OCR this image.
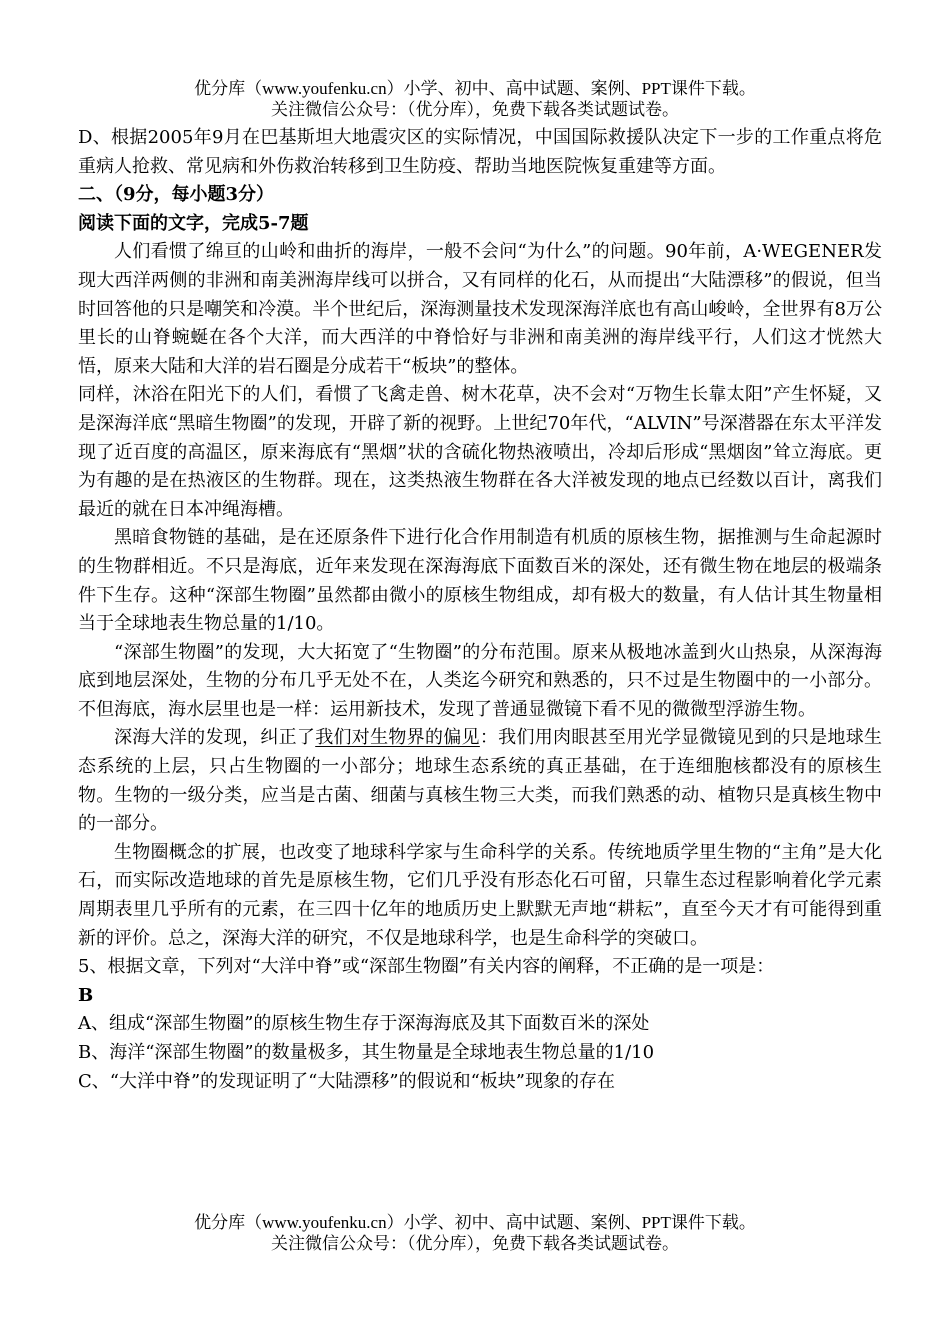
优分库（www.youfenku.cn）小学、初中、高中试题、案例、PPT课件下载。
关注微信公众号：（优分库），免费下载各类试题试卷。

D、根据2005年9月在巴基斯坦大地震灾区的实际情况，中国国际救援队决定下一步的工作重点将危重病人抢救、常见病和外伤救治转移到卫生防疫、帮助当地医院恢复重建等方面。

二、（9分，每小题3分）

阅读下面的文字，完成5-7题

人们看惯了绵亘的山岭和曲折的海岸，一般不会问“为什么”的问题。90年前，A·WEGENER发现大西洋两侧的非洲和南美洲海岸线可以拼合，又有同样的化石，从而提出“大陆漂移”的假说，但当时回答他的只是嘲笑和冷漠。半个世纪后，深海测量技术发现深海洋底也有高山峻岭，全世界有8万公里长的山脊蜿蜒在各个大洋，而大西洋的中脊恰好与非洲和南美洲的海岸线平行，人们这才恍然大悟，原来大陆和大洋的岩石圈是分成若干“板块”的整体。

同样，沐浴在阳光下的人们，看惯了飞禽走兽、树木花草，决不会对“万物生长靠太阳”产生怀疑，又是深海洋底“黑暗生物圈”的发现，开辟了新的视野。上世纪70年代，“ALVIN”号深潜器在东太平洋发现了近百度的高温区，原来海底有“黑烟”状的含硫化物热液喷出，冷却后形成“黑烟囱”耸立海底。更为有趣的是在热液区的生物群。现在，这类热液生物群在各大洋被发现的地点已经数以百计，离我们最近的就在日本冲绳海槽。

黑暗食物链的基础，是在还原条件下进行化合作用制造有机质的原核生物，据推测与生命起源时的生物群相近。不只是海底，近年来发现在深海海底下面数百米的深处，还有微生物在地层的极端条件下生存。这种“深部生物圈”虽然都由微小的原核生物组成，却有极大的数量，有人估计其生物量相当于全球地表生物总量的1/10。

“深部生物圈”的发现，大大拓宽了“生物圈”的分布范围。原来从极地冰盖到火山热泉，从深海海底到地层深处，生物的分布几乎无处不在，人类迄今研究和熟悉的，只不过是生物圈中的一小部分。不但海底，海水层里也是一样：运用新技术，发现了普通显微镜下看不见的微微型浮游生物。

深海大洋的发现，纠正了我们对生物界的偏见：我们用肉眼甚至用光学显微镜见到的只是地球生态系统的上层，只占生物圈的一小部分；地球生态系统的真正基础，在于连细胞核都没有的原核生物。生物的一级分类，应当是古菌、细菌与真核生物三大类，而我们熟悉的动、植物只是真核生物中的一部分。

生物圈概念的扩展，也改变了地球科学家与生命科学的关系。传统地质学里生物的“主角”是大化石，而实际改造地球的首先是原核生物，它们几乎没有形态化石可留，只靠生态过程影响着化学元素周期表里几乎所有的元素，在三四十亿年的地质历史上默默无声地“耕耘”，直至今天才有可能得到重新的评价。总之，深海大洋的研究，不仅是地球科学，也是生命科学的突破口。

5、根据文章，下列对“大洋中脊”或“深部生物圈”有关内容的阐释，不正确的是一项是：

B

A、组成“深部生物圈”的原核生物生存于深海海底及其下面数百米的深处

B、海洋“深部生物圈”的数量极多，其生物量是全球地表生物总量的1/10

C、“大洋中脊”的发现证明了“大陆漂移”的假说和“板块”现象的存在

优分库（www.youfenku.cn）小学、初中、高中试题、案例、PPT课件下载。
关注微信公众号：（优分库），免费下载各类试题试卷。
